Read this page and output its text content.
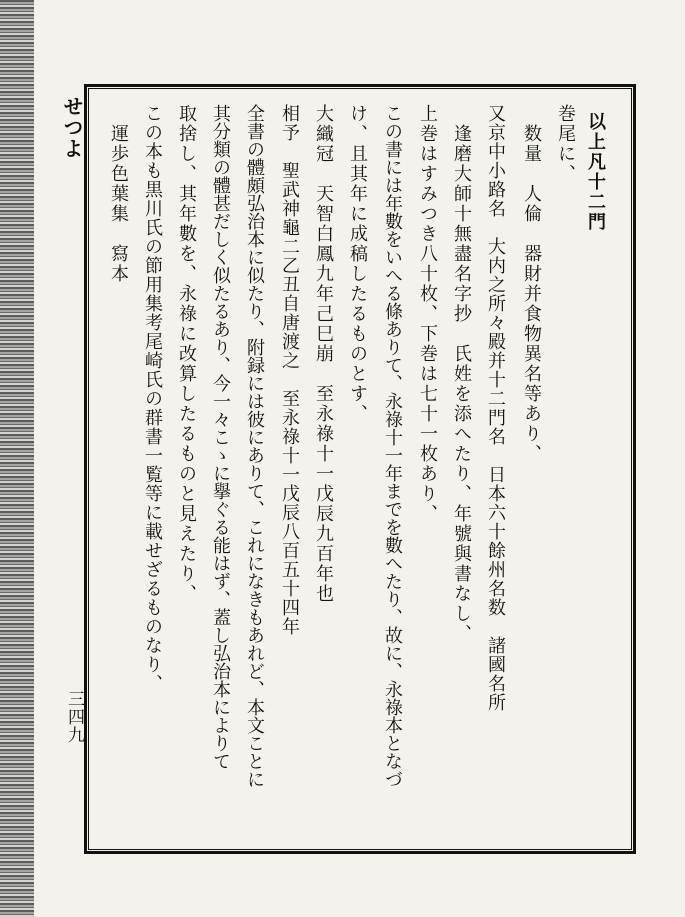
せつよ
三四九
以上凡十二門
巻尾に、
　数量　人倫　器財并食物異名等あり、
又京中小路名　大内之所々殿并十二門名　日本六十餘州名数　諸國名所
　逢磨大師十無盡名字抄　氏姓を添へたり、年號與書なし、
上巻はすみつき八十枚、下巻は七十一枚あり、
この書には年數をいへる條ありて、永祿十一年までを數へたり、故に、永祿本となづ
け、且其年に成稿したるものとす、
大織冠　天智白鳳九年己巳崩　至永祿十一戊辰九百年也
相予　聖武神龜二乙丑自唐渡之　至永祿十一戊辰八百五十四年
全書の體頗弘治本に似たり、附録には彼にありて、これになきもあれど、本文ことに
其分類の體甚だしく似たるあり、今一々こゝに擧ぐる能はず、蓋し弘治本によりて
取捨し、其年數を、永祿に改算したるものと見えたり、
この本も黒川氏の節用集考尾崎氏の群書一覧等に載せざるものなり、
　運歩色葉集　寫本
